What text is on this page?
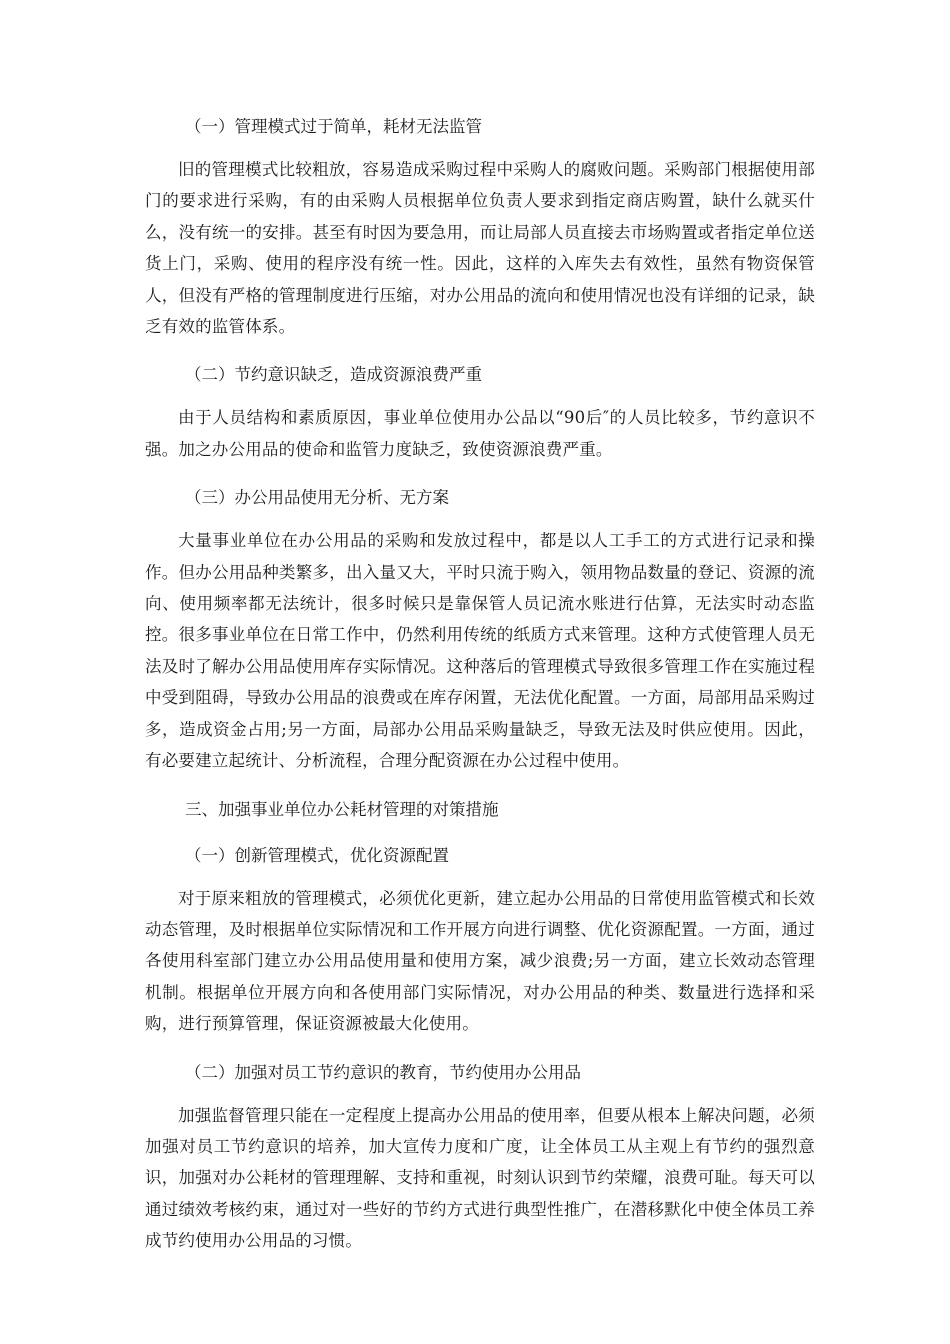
（一）管理模式过于简单，耗材无法监管

旧的管理模式比较粗放，容易造成采购过程中采购人的腐败问题。采购部门根据使用部门的要求进行采购，有的由采购人员根据单位负责人要求到指定商店购置，缺什么就买什么，没有统一的安排。甚至有时因为要急用，而让局部人员直接去市场购置或者指定单位送货上门，采购、使用的程序没有统一性。因此，这样的入库失去有效性，虽然有物资保管人，但没有严格的管理制度进行压缩，对办公用品的流向和使用情况也没有详细的记录，缺乏有效的监管体系。

（二）节约意识缺乏，造成资源浪费严重

由于人员结构和素质原因，事业单位使用办公品以“90后″的人员比较多，节约意识不强。加之办公用品的使命和监管力度缺乏，致使资源浪费严重。

（三）办公用品使用无分析、无方案

大量事业单位在办公用品的采购和发放过程中，都是以人工手工的方式进行记录和操作。但办公用品种类繁多，出入量又大，平时只流于购入，领用物品数量的登记、资源的流向、使用频率都无法统计，很多时候只是靠保管人员记流水账进行估算，无法实时动态监控。很多事业单位在日常工作中，仍然利用传统的纸质方式来管理。这种方式使管理人员无法及时了解办公用品使用库存实际情况。这种落后的管理模式导致很多管理工作在实施过程中受到阻碍，导致办公用品的浪费或在库存闲置，无法优化配置。一方面，局部用品采购过多，造成资金占用;另一方面，局部办公用品采购量缺乏，导致无法及时供应使用。因此，有必要建立起统计、分析流程，合理分配资源在办公过程中使用。

三、加强事业单位办公耗材管理的对策措施

（一）创新管理模式，优化资源配置

对于原来粗放的管理模式，必须优化更新，建立起办公用品的日常使用监管模式和长效动态管理，及时根据单位实际情况和工作开展方向进行调整、优化资源配置。一方面，通过各使用科室部门建立办公用品使用量和使用方案，减少浪费;另一方面，建立长效动态管理机制。根据单位开展方向和各使用部门实际情况，对办公用品的种类、数量进行选择和采购，进行预算管理，保证资源被最大化使用。

（二）加强对员工节约意识的教育，节约使用办公用品

加强监督管理只能在一定程度上提高办公用品的使用率，但要从根本上解决问题，必须加强对员工节约意识的培养，加大宣传力度和广度，让全体员工从主观上有节约的强烈意识，加强对办公耗材的管理理解、支持和重视，时刻认识到节约荣耀，浪费可耻。每天可以通过绩效考核约束，通过对一些好的节约方式进行典型性推广，在潜移默化中使全体员工养成节约使用办公用品的习惯。
